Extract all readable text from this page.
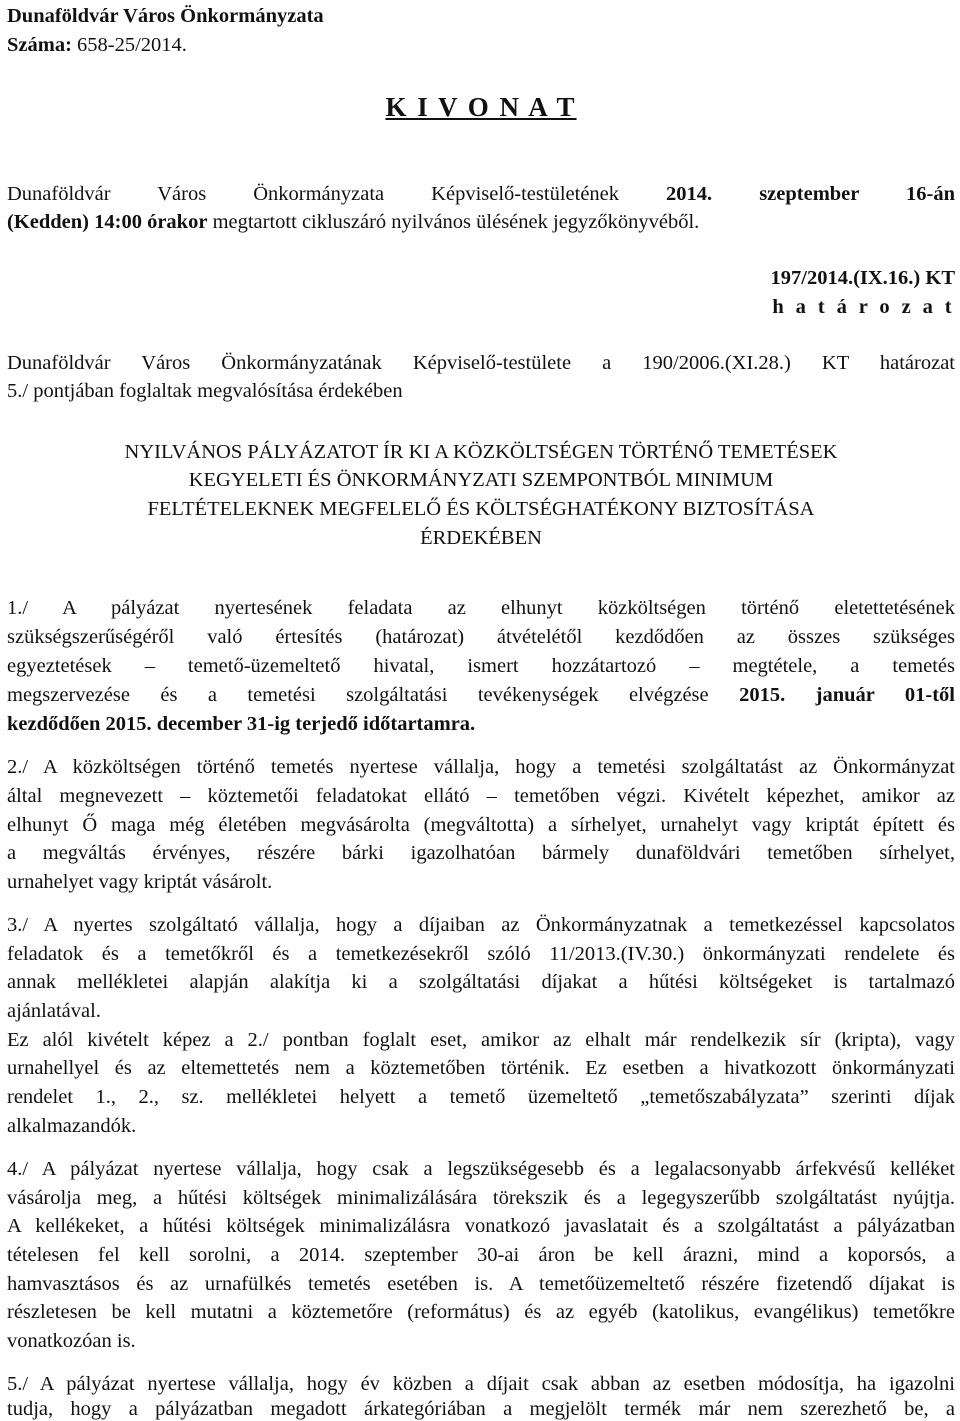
Dunaföldvár Város Önkormányzata
Száma: 658-25/2014.
K I V O N A T
Dunaföldvár Város Önkormányzata Képviselő-testületének 2014. szeptember 16-án
(Kedden) 14:00 órakor megtartott cikluszáró nyilvános ülésének jegyzőkönyvéből.
197/2014.(IX.16.) KT
h a t á r o z a t
Dunaföldvár Város Önkormányzatának Képviselő-testülete a 190/2006.(XI.28.) KT határozat
5./ pontjában foglaltak megvalósítása érdekében
NYILVÁNOS PÁLYÁZATOT ÍR KI A KÖZKÖLTSÉGEN TÖRTÉNŐ TEMETÉSEK
KEGYELETI ÉS ÖNKORMÁNYZATI SZEMPONTBÓL MINIMUM
FELTÉTELEKNEK MEGFELELŐ ÉS KÖLTSÉGHATÉKONY BIZTOSÍTÁSA
ÉRDEKÉBEN
1./ A pályázat nyertesének feladata az elhunyt közköltségen történő eletettetésének
szükségszerűségéről való értesítés (határozat) átvételétől kezdődően az összes szükséges
egyeztetések – temető-üzemeltető hivatal, ismert hozzátartozó – megtétele, a temetés
megszervezése és a temetési szolgáltatási tevékenységek elvégzése 2015. január 01-től
kezdődően 2015. december 31-ig terjedő időtartamra.
2./ A közköltségen történő temetés nyertese vállalja, hogy a temetési szolgáltatást az Önkormányzat
által megnevezett – köztemetői feladatokat ellátó – temetőben végzi. Kivételt képezhet, amikor az
elhunyt Ő maga még életében megvásárolta (megváltotta) a sírhelyet, urnahelyt vagy kriptát épített és
a megváltás érvényes, részére bárki igazolhatóan bármely dunaföldvári temetőben sírhelyet,
urnahelyet vagy kriptát vásárolt.
3./ A nyertes szolgáltató vállalja, hogy a díjaiban az Önkormányzatnak a temetkezéssel kapcsolatos
feladatok és a temetőkről és a temetkezésekről szóló 11/2013.(IV.30.) önkormányzati rendelete és
annak mellékletei alapján alakítja ki a szolgáltatási díjakat a hűtési költségeket is tartalmazó
ajánlatával.
Ez alól kivételt képez a 2./ pontban foglalt eset, amikor az elhalt már rendelkezik sír (kripta), vagy
urnahellyel és az eltemettetés nem a köztemetőben történik. Ez esetben a hivatkozott önkormányzati
rendelet 1., 2., sz. mellékletei helyett a temető üzemeltető „temetőszabályzata” szerinti díjak
alkalmazandók.
4./ A pályázat nyertese vállalja, hogy csak a legszükségesebb és a legalacsonyabb árfekvésű kelléket
vásárolja meg, a hűtési költségek minimalizálására törekszik és a legegyszerűbb szolgáltatást nyújtja.
A kellékeket, a hűtési költségek minimalizálásra vonatkozó javaslatait és a szolgáltatást a pályázatban
tételesen fel kell sorolni, a 2014. szeptember 30-ai áron be kell árazni, mind a koporsós, a
hamvasztásos és az urnafülkés temetés esetében is. A temetőüzemeltető részére fizetendő díjakat is
részletesen be kell mutatni a köztemetőre (református) és az egyéb (katolikus, evangélikus) temetőkre
vonatkozóan is.
5./ A pályázat nyertese vállalja, hogy év közben a díjait csak abban az esetben módosítja, ha igazolni
tudja, hogy a pályázatban megadott árkategóriában a megjelölt termék már nem szerezhető be, a
